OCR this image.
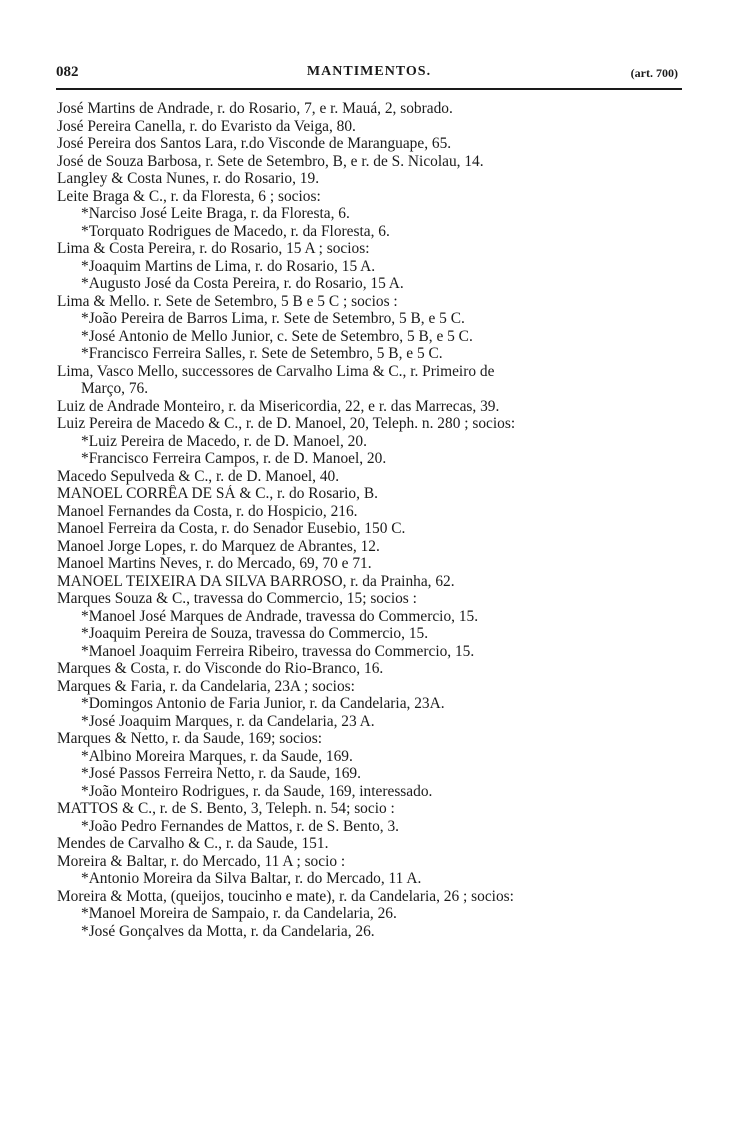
082	MANTIMENTOS.	(art. 700)
José Martins de Andrade, r. do Rosario, 7, e r. Mauá, 2, sobrado.
José Pereira Canella, r. do Evaristo da Veiga, 80.
José Pereira dos Santos Lara, r.do Visconde de Maranguape, 65.
José de Souza Barbosa, r. Sete de Setembro, B, e r. de S. Nicolau, 14.
Langley & Costa Nunes, r. do Rosario, 19.
Leite Braga & C., r. da Floresta, 6 ; socios:
*Narciso José Leite Braga, r. da Floresta, 6.
*Torquato Rodrigues de Macedo, r. da Floresta, 6.
Lima & Costa Pereira, r. do Rosario, 15 A ; socios:
*Joaquim Martins de Lima, r. do Rosario, 15 A.
*Augusto José da Costa Pereira, r. do Rosario, 15 A.
Lima & Mello. r. Sete de Setembro, 5 B e 5 C ; socios :
*João Pereira de Barros Lima, r. Sete de Setembro, 5 B, e 5 C.
*José Antonio de Mello Junior, c. Sete de Setembro, 5 B, e 5 C.
*Francisco Ferreira Salles, r. Sete de Setembro, 5 B, e 5 C.
Lima, Vasco Mello, successores de Carvalho Lima & C., r. Primeiro de
Março, 76.
Luiz de Andrade Monteiro, r. da Misericordia, 22, e r. das Marrecas, 39.
Luiz Pereira de Macedo & C., r. de D. Manoel, 20, Teleph. n. 280 ; socios:
*Luiz Pereira de Macedo, r. de D. Manoel, 20.
*Francisco Ferreira Campos, r. de D. Manoel, 20.
Macedo Sepulveda & C., r. de D. Manoel, 40.
MANOEL CORRÊA DE SÁ & C., r. do Rosario, B.
Manoel Fernandes da Costa, r. do Hospicio, 216.
Manoel Ferreira da Costa, r. do Senador Eusebio, 150 C.
Manoel Jorge Lopes, r. do Marquez de Abrantes, 12.
Manoel Martins Neves, r. do Mercado, 69, 70 e 71.
MANOEL TEIXEIRA DA SILVA BARROSO, r. da Prainha, 62.
Marques Souza & C., travessa do Commercio, 15; socios :
*Manoel José Marques de Andrade, travessa do Commercio, 15.
*Joaquim Pereira de Souza, travessa do Commercio, 15.
*Manoel Joaquim Ferreira Ribeiro, travessa do Commercio, 15.
Marques & Costa, r. do Visconde do Rio-Branco, 16.
Marques & Faria, r. da Candelaria, 23A ; socios:
*Domingos Antonio de Faria Junior, r. da Candelaria, 23A.
*José Joaquim Marques, r. da Candelaria, 23 A.
Marques & Netto, r. da Saude, 169; socios:
*Albino Moreira Marques, r. da Saude, 169.
*José Passos Ferreira Netto, r. da Saude, 169.
*João Monteiro Rodrigues, r. da Saude, 169, interessado.
MATTOS & C., r. de S. Bento, 3, Teleph. n. 54; socio :
*João Pedro Fernandes de Mattos, r. de S. Bento, 3.
Mendes de Carvalho & C., r. da Saude, 151.
Moreira & Baltar, r. do Mercado, 11 A ; socio :
*Antonio Moreira da Silva Baltar, r. do Mercado, 11 A.
Moreira & Motta, (queijos, toucinho e mate), r. da Candelaria, 26 ; socios:
*Manoel Moreira de Sampaio, r. da Candelaria, 26.
*José Gonçalves da Motta, r. da Candelaria, 26.
